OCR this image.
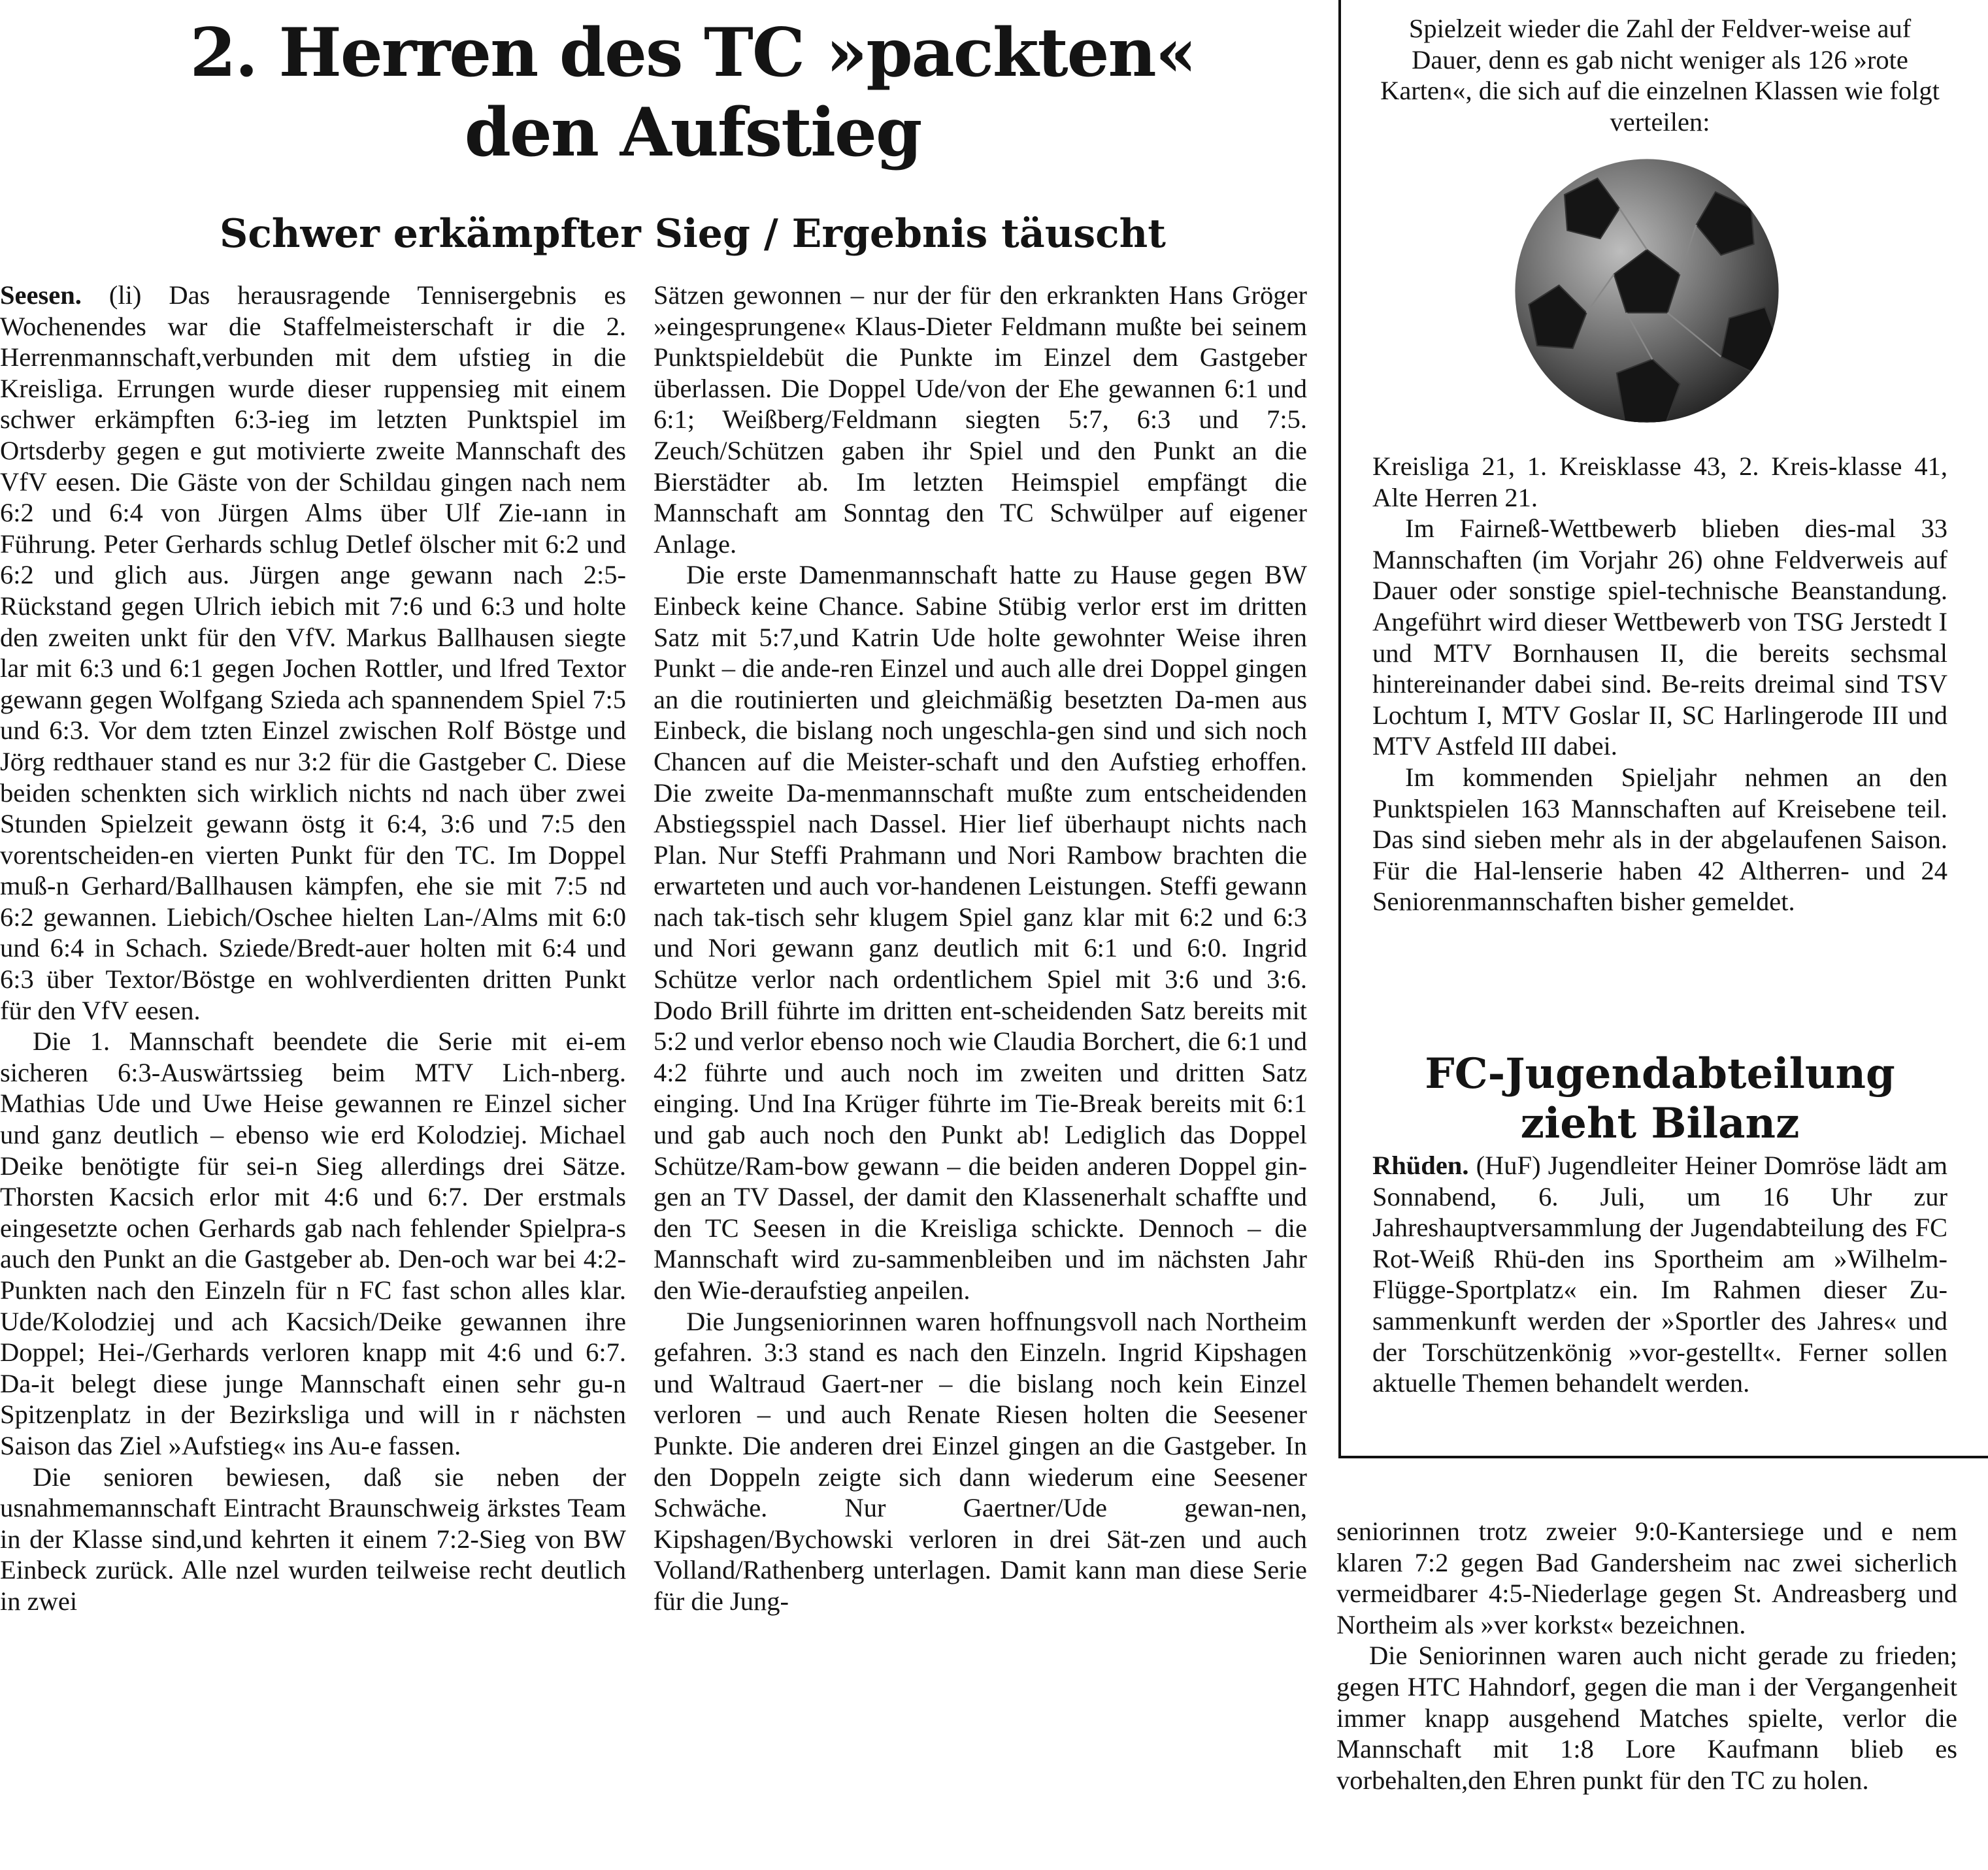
2. Herren des TC »packten«
den Aufstieg
Schwer erkämpfter Sieg / Ergebnis täuscht

Seesen. (li) Das herausragende Tennisergebnis es Wochenendes war die Staffelmeisterschaft ir die 2. Herrenmannschaft,verbunden mit dem ufstieg in die Kreisliga. Errungen wurde dieser ruppensieg mit einem schwer erkämpften 6:3-ieg im letzten Punktspiel im Ortsderby gegen e gut motivierte zweite Mannschaft des VfV eesen. Die Gäste von der Schildau gingen nach nem 6:2 und 6:4 von Jürgen Alms über Ulf Zie-ıann in Führung. Peter Gerhards schlug Detlef ölscher mit 6:2 und 6:2 und glich aus. Jürgen ange gewann nach 2:5-Rückstand gegen Ulrich iebich mit 7:6 und 6:3 und holte den zweiten unkt für den VfV. Markus Ballhausen siegte lar mit 6:3 und 6:1 gegen Jochen Rottler, und lfred Textor gewann gegen Wolfgang Szieda ach spannendem Spiel 7:5 und 6:3. Vor dem tzten Einzel zwischen Rolf Böstge und Jörg redthauer stand es nur 3:2 für die Gastgeber C. Diese beiden schenkten sich wirklich nichts nd nach über zwei Stunden Spielzeit gewann östg it 6:4, 3:6 und 7:5 den vorentscheiden-en vierten Punkt für den TC. Im Doppel muß-n Gerhard/Ballhausen kämpfen, ehe sie mit 7:5 nd 6:2 gewannen. Liebich/Oschee hielten Lan-/Alms mit 6:0 und 6:4 in Schach. Sziede/Bredt-auer holten mit 6:4 und 6:3 über Textor/Böstge en wohlverdienten dritten Punkt für den VfV eesen.

Die 1. Mannschaft beendete die Serie mit ei-em sicheren 6:3-Auswärtssieg beim MTV Lich-nberg. Mathias Ude und Uwe Heise gewannen re Einzel sicher und ganz deutlich – ebenso wie erd Kolodziej. Michael Deike benötigte für sei-n Sieg allerdings drei Sätze. Thorsten Kacsich erlor mit 4:6 und 6:7. Der erstmals eingesetzte ochen Gerhards gab nach fehlender Spielpra-s auch den Punkt an die Gastgeber ab. Den-och war bei 4:2-Punkten nach den Einzeln für n FC fast schon alles klar. Ude/Kolodziej und ach Kacsich/Deike gewannen ihre Doppel; Hei-/Gerhards verloren knapp mit 4:6 und 6:7. Da-it belegt diese junge Mannschaft einen sehr gu-n Spitzenplatz in der Bezirksliga und will in r nächsten Saison das Ziel »Aufstieg« ins Au-e fassen.

Die senioren bewiesen, daß sie neben der usnahmemannschaft Eintracht Braunschweig ärkstes Team in der Klasse sind,und kehrten it einem 7:2-Sieg von BW Einbeck zurück. Alle nzel wurden teilweise recht deutlich in zwei

Sätzen gewonnen – nur der für den erkrankten Hans Gröger »eingesprungene« Klaus-Dieter Feldmann mußte bei seinem Punktspieldebüt die Punkte im Einzel dem Gastgeber überlassen. Die Doppel Ude/von der Ehe gewannen 6:1 und 6:1; Weißberg/Feldmann siegten 5:7, 6:3 und 7:5. Zeuch/Schützen gaben ihr Spiel und den Punkt an die Bierstädter ab. Im letzten Heimspiel empfängt die Mannschaft am Sonntag den TC Schwülper auf eigener Anlage.

Die erste Damenmannschaft hatte zu Hause gegen BW Einbeck keine Chance. Sabine Stübig verlor erst im dritten Satz mit 5:7,und Katrin Ude holte gewohnter Weise ihren Punkt – die ande-ren Einzel und auch alle drei Doppel gingen an die routinierten und gleichmäßig besetzten Da-men aus Einbeck, die bislang noch ungeschla-gen sind und sich noch Chancen auf die Meister-schaft und den Aufstieg erhoffen. Die zweite Da-menmannschaft mußte zum entscheidenden Abstiegsspiel nach Dassel. Hier lief überhaupt nichts nach Plan. Nur Steffi Prahmann und Nori Rambow brachten die erwarteten und auch vor-handenen Leistungen. Steffi gewann nach tak-tisch sehr klugem Spiel ganz klar mit 6:2 und 6:3 und Nori gewann ganz deutlich mit 6:1 und 6:0. Ingrid Schütze verlor nach ordentlichem Spiel mit 3:6 und 3:6. Dodo Brill führte im dritten ent-scheidenden Satz bereits mit 5:2 und verlor ebenso noch wie Claudia Borchert, die 6:1 und 4:2 führte und auch noch im zweiten und dritten Satz einging. Und Ina Krüger führte im Tie-Break bereits mit 6:1 und gab auch noch den Punkt ab! Lediglich das Doppel Schütze/Ram-bow gewann – die beiden anderen Doppel gin-gen an TV Dassel, der damit den Klassenerhalt schaffte und den TC Seesen in die Kreisliga schickte. Dennoch – die Mannschaft wird zu-sammenbleiben und im nächsten Jahr den Wie-deraufstieg anpeilen.

Die Jungseniorinnen waren hoffnungsvoll nach Northeim gefahren. 3:3 stand es nach den Einzeln. Ingrid Kipshagen und Waltraud Gaert-ner – die bislang noch kein Einzel verloren – und auch Renate Riesen holten die Seesener Punkte. Die anderen drei Einzel gingen an die Gastgeber. In den Doppeln zeigte sich dann wiederum eine Seesener Schwäche. Nur Gaertner/Ude gewan-nen, Kipshagen/Bychowski verloren in drei Sät-zen und auch Volland/Rathenberg unterlagen. Damit kann man diese Serie für die Jung-

seniorinnen trotz zweier 9:0-Kantersiege und e nem klaren 7:2 gegen Bad Gandersheim nac zwei sicherlich vermeidbarer 4:5-Niederlage gegen St. Andreasberg und Northeim als »ver korkst« bezeichnen.

Die Seniorinnen waren auch nicht gerade zu frieden; gegen HTC Hahndorf, gegen die man i der Vergangenheit immer knapp ausgehend Matches spielte, verlor die Mannschaft mit 1:8 Lore Kaufmann blieb es vorbehalten,den Ehren punkt für den TC zu holen.

Spielzeit wieder die Zahl der Feldver-weise auf Dauer, denn es gab nicht weniger als 126 »rote Karten«, die sich auf die einzelnen Klassen wie folgt verteilen:

Kreisliga 21, 1. Kreisklasse 43, 2. Kreis-klasse 41, Alte Herren 21.

Im Fairneß-Wettbewerb blieben dies-mal 33 Mannschaften (im Vorjahr 26) ohne Feldverweis auf Dauer oder sonstige spiel-technische Beanstandung. Angeführt wird dieser Wettbewerb von TSG Jerstedt I und MTV Bornhausen II, die bereits sechsmal hintereinander dabei sind. Be-reits dreimal sind TSV Lochtum I, MTV Goslar II, SC Harlingerode III und MTV Astfeld III dabei.

Im kommenden Spieljahr nehmen an den Punktspielen 163 Mannschaften auf Kreisebene teil. Das sind sieben mehr als in der abgelaufenen Saison. Für die Hal-lenserie haben 42 Altherren- und 24 Seniorenmannschaften bisher gemeldet.

FC-Jugendabteilung
zieht Bilanz

Rhüden. (HuF) Jugendleiter Heiner Domröse lädt am Sonnabend, 6. Juli, um 16 Uhr zur Jahreshauptversammlung der Jugendabteilung des FC Rot-Weiß Rhü-den ins Sportheim am »Wilhelm-Flügge-Sportplatz« ein. Im Rahmen dieser Zu-sammenkunft werden der »Sportler des Jahres« und der Torschützenkönig »vor-gestellt«. Ferner sollen aktuelle Themen behandelt werden.
